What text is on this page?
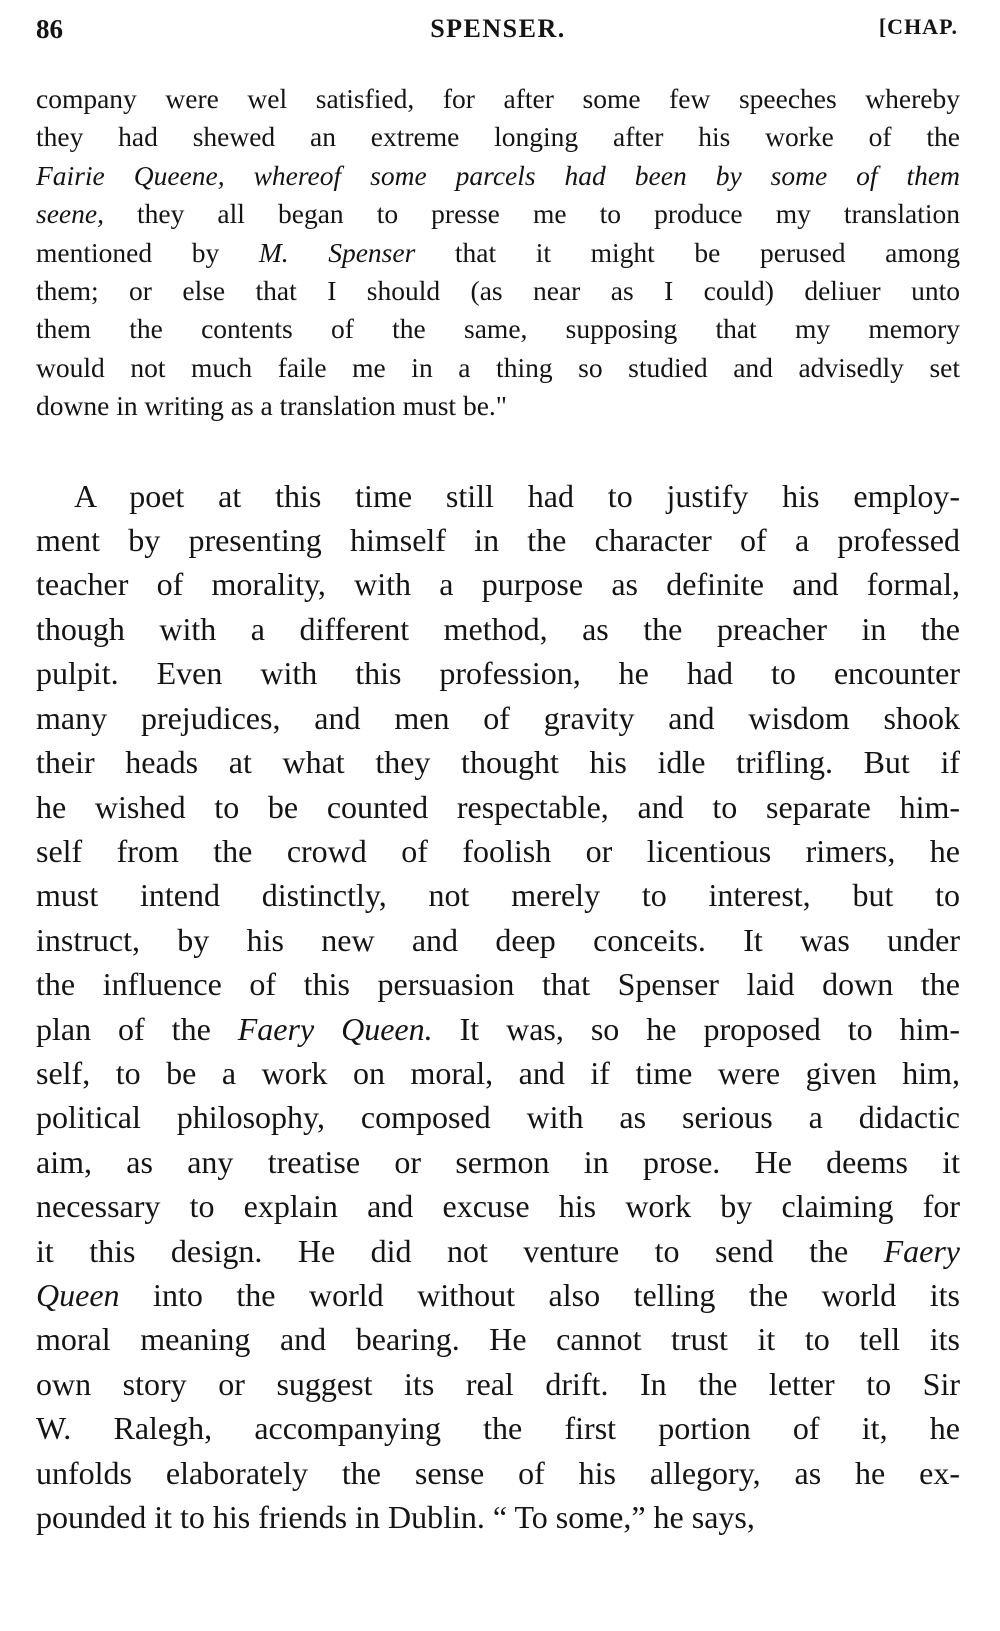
86	SPENSER.	[CHAP.
company were wel satisfied, for after some few speeches whereby
they had shewed an extreme longing after his worke of the
Fairie Queene, whereof some parcels had been by some of them
seene, they all began to presse me to produce my translation
mentioned by M. Spenser that it might be perused among
them; or else that I should (as near as I could) deliuer unto
them the contents of the same, supposing that my memory
would not much faile me in a thing so studied and advisedly set
downe in writing as a translation must be."
A poet at this time still had to justify his employ-
ment by presenting himself in the character of a professed
teacher of morality, with a purpose as definite and formal,
though with a different method, as the preacher in the
pulpit. Even with this profession, he had to encounter
many prejudices, and men of gravity and wisdom shook
their heads at what they thought his idle trifling. But if
he wished to be counted respectable, and to separate him-
self from the crowd of foolish or licentious rimers, he
must intend distinctly, not merely to interest, but to
instruct, by his new and deep conceits. It was under
the influence of this persuasion that Spenser laid down the
plan of the Faery Queen. It was, so he proposed to him-
self, to be a work on moral, and if time were given him,
political philosophy, composed with as serious a didactic
aim, as any treatise or sermon in prose. He deems it
necessary to explain and excuse his work by claiming for
it this design. He did not venture to send the Faery
Queen into the world without also telling the world its
moral meaning and bearing. He cannot trust it to tell its
own story or suggest its real drift. In the letter to Sir
W. Ralegh, accompanying the first portion of it, he
unfolds elaborately the sense of his allegory, as he ex-
pounded it to his friends in Dublin. “ To some,” he says,
